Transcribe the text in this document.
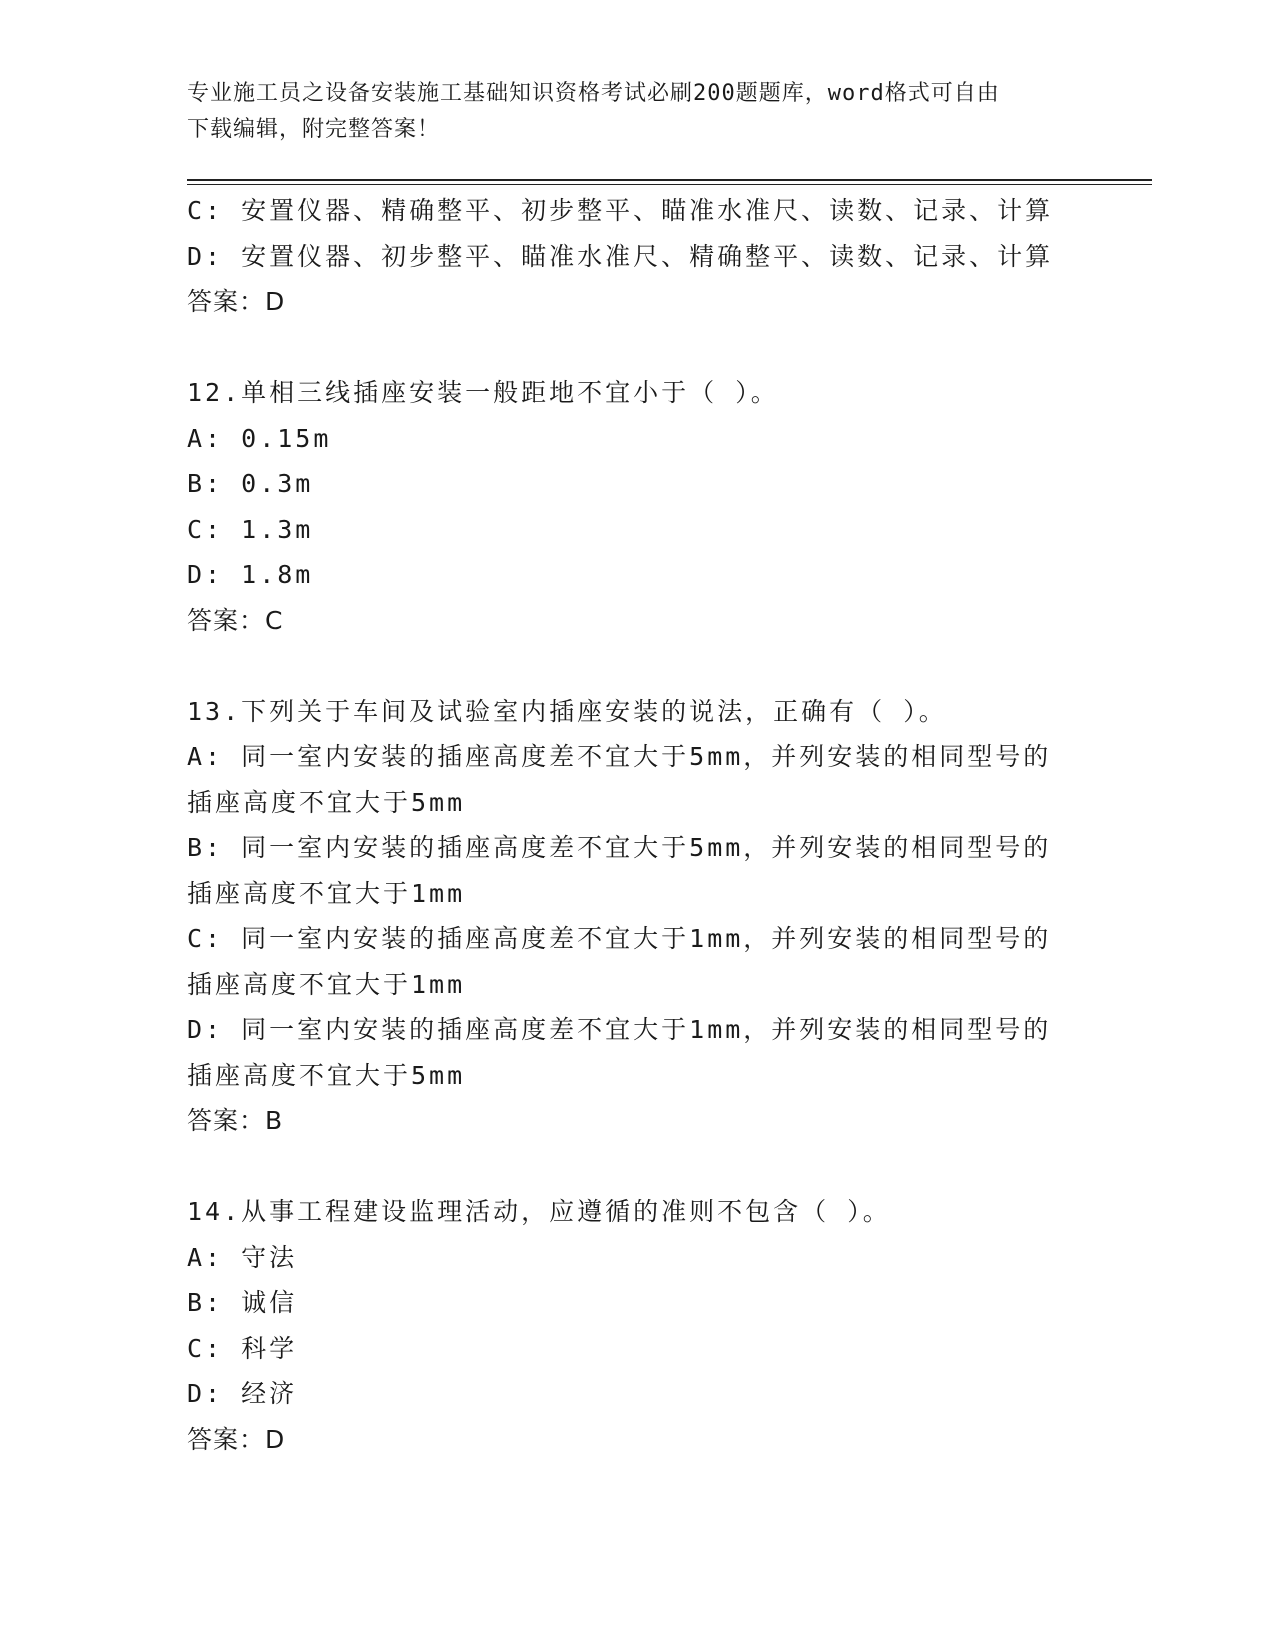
专业施工员之设备安装施工基础知识资格考试必刷200题题库，word格式可自由
下载编辑，附完整答案！
C: 安置仪器、精确整平、初步整平、瞄准水准尺、读数、记录、计算
D: 安置仪器、初步整平、瞄准水准尺、精确整平、读数、记录、计算
答案：D
12.单相三线插座安装一般距地不宜小于（ ）。
A: 0.15m
B: 0.3m
C: 1.3m
D: 1.8m
答案：C
13.下列关于车间及试验室内插座安装的说法，正确有（ ）。
A: 同一室内安装的插座高度差不宜大于5mm，并列安装的相同型号的
插座高度不宜大于5mm
B: 同一室内安装的插座高度差不宜大于5mm，并列安装的相同型号的
插座高度不宜大于1mm
C: 同一室内安装的插座高度差不宜大于1mm，并列安装的相同型号的
插座高度不宜大于1mm
D: 同一室内安装的插座高度差不宜大于1mm，并列安装的相同型号的
插座高度不宜大于5mm
答案：B
14.从事工程建设监理活动，应遵循的准则不包含（ ）。
A: 守法
B: 诚信
C: 科学
D: 经济
答案：D
